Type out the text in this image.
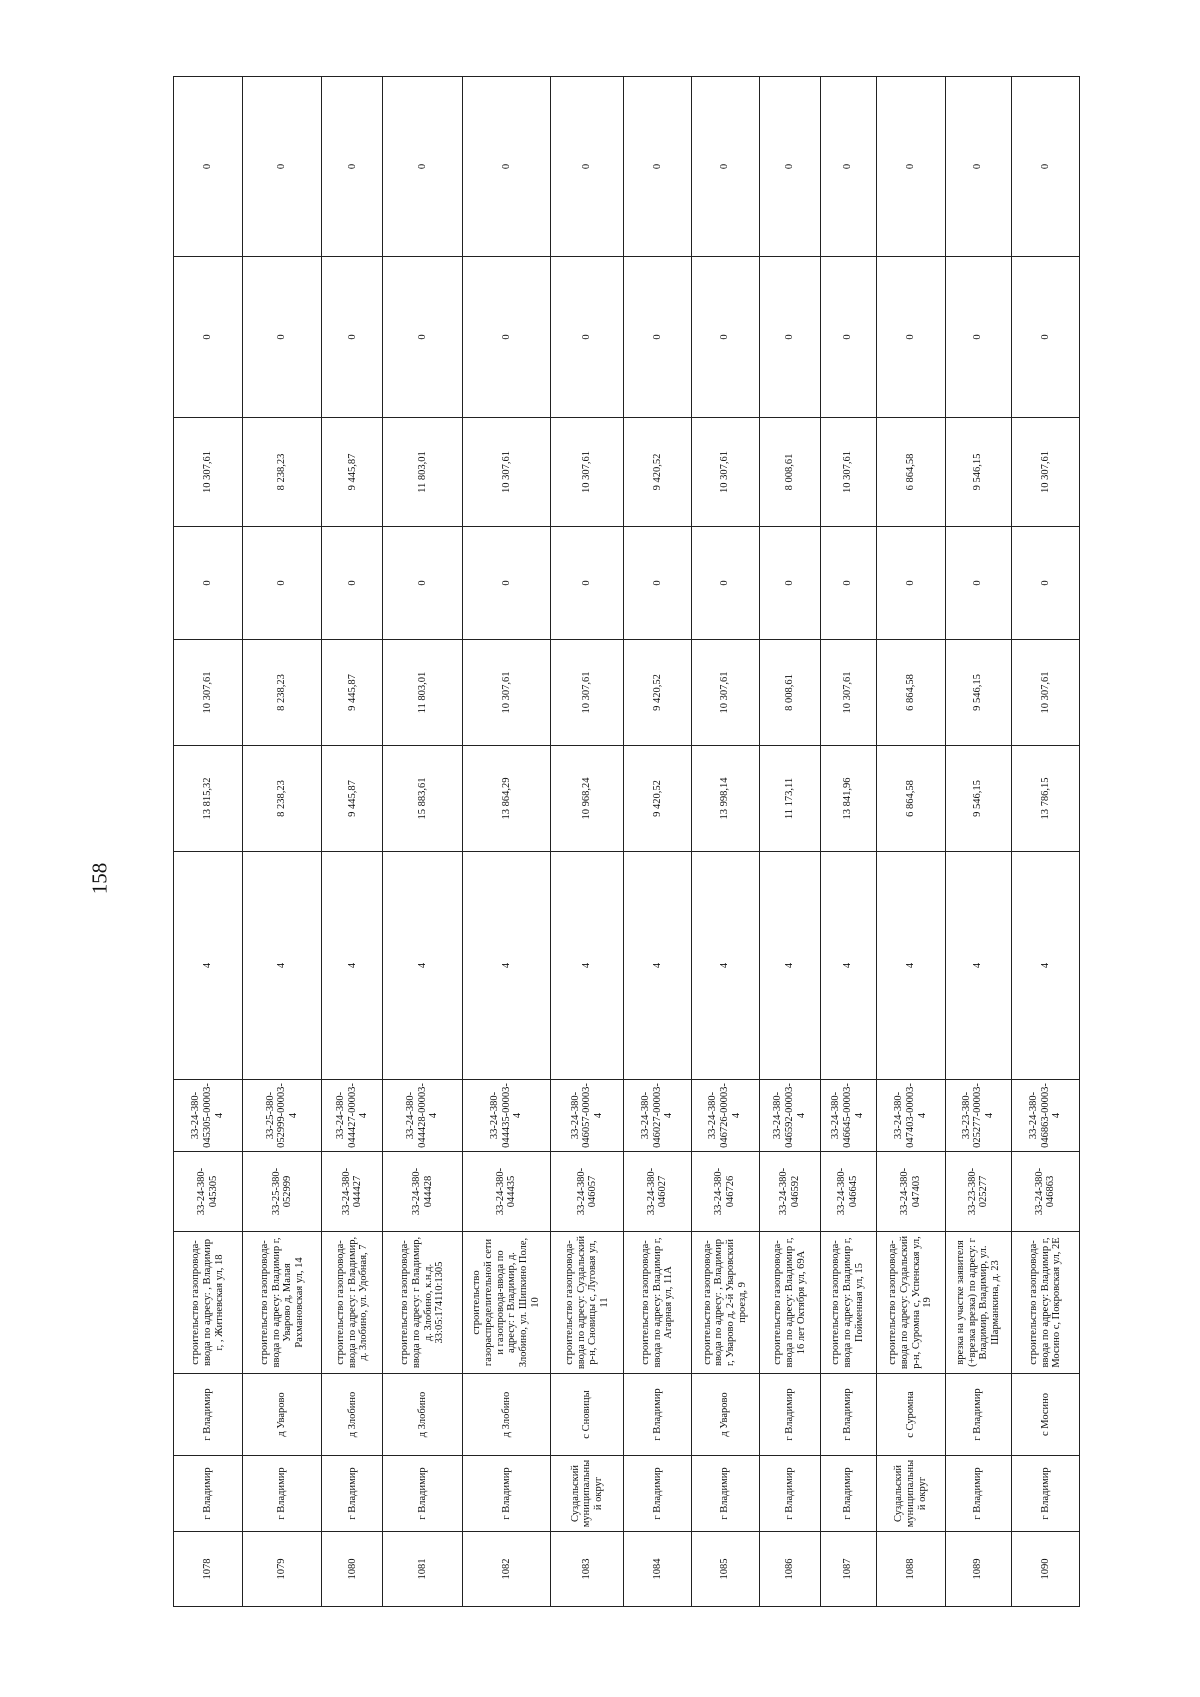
158
1078	г Владимир	г Владимир	строительство газопровода-ввода по адресу: , Владимир г, , Житневская ул, 18	33-24-380-045305	33-24-380-045305-00003-4	4	13 815,32	10 307,61	0	10 307,61	0	0
1079	г Владимир	д Уварово	строительство газопровода-ввода по адресу: Владимир г, Уварово д, Малая Рахмановская ул, 14	33-25-380-052999	33-25-380-052999-00003-4	4	8 238,23	8 238,23	0	8 238,23	0	0
1080	г Владимир	д Злобино	строительство газопровода-ввода по адресу: г Владимир, д. Злобино, ул. Удобная, 7	33-24-380-044427	33-24-380-044427-00003-4	4	9 445,87	9 445,87	0	9 445,87	0	0
1081	г Владимир	д Злобино	строительство газопровода-ввода по адресу: г Владимир, д. Злобино, к.н.д. 33:05:174110:1305	33-24-380-044428	33-24-380-044428-00003-4	4	15 883,61	11 803,01	0	11 803,01	0	0
1082	г Владимир	д Злобино	строительство газораспределительной сети и газопровода-ввода по адресу: г Владимир, д. Злобино, ул. Шипкино Поле, 10	33-24-380-044435	33-24-380-044435-00003-4	4	13 864,29	10 307,61	0	10 307,61	0	0
1083	Суздальский муниципальный округ	с Сновицы	строительство газопровода-ввода по адресу: Суздальский р-н, Сновицы с, Луговая ул, 11	33-24-380-046057	33-24-380-046057-00003-4	4	10 968,24	10 307,61	0	10 307,61	0	0
1084	г Владимир	г Владимир	строительство газопровода-ввода по адресу: Владимир г, Агарная ул, 11А	33-24-380-046027	33-24-380-046027-00003-4	4	9 420,52	9 420,52	0	9 420,52	0	0
1085	г Владимир	д Уварово	строительство газопровода-ввода по адресу: , Владимир г, Уварово д, 2-й Уваровский проезд, 9	33-24-380-046726	33-24-380-046726-00003-4	4	13 998,14	10 307,61	0	10 307,61	0	0
1086	г Владимир	г Владимир	строительство газопровода-ввода по адресу: Владимир г, 16 лет Октября ул, 69А	33-24-380-046592	33-24-380-046592-00003-4	4	11 173,11	8 008,61	0	8 008,61	0	0
1087	г Владимир	г Владимир	строительство газопровода-ввода по адресу: Владимир г, Пойменная ул, 15	33-24-380-046645	33-24-380-046645-00003-4	4	13 841,96	10 307,61	0	10 307,61	0	0
1088	Суздальский муниципальный округ	с Суромна	строительство газопровода-ввода по адресу: Суздальский р-н, Суромна с, Успенская ул, 19	33-24-380-047403	33-24-380-047403-00003-4	4	6 864,58	6 864,58	0	6 864,58	0	0
1089	г Владимир	г Владимир	врезка на участке заявителя (+врезка врезка) по адресу: г Владимир, Владимир, ул. Шарманкина, д. 23	33-23-380-025277	33-23-380-025277-00003-4	4	9 546,15	9 546,15	0	9 546,15	0	0
1090	г Владимир	с Мосино	строительство газопровода-ввода по адресу: Владимир г, Мосино с, Покровская ул, 2Е	33-24-380-046863	33-24-380-046863-00003-4	4	13 786,15	10 307,61	0	10 307,61	0	0
